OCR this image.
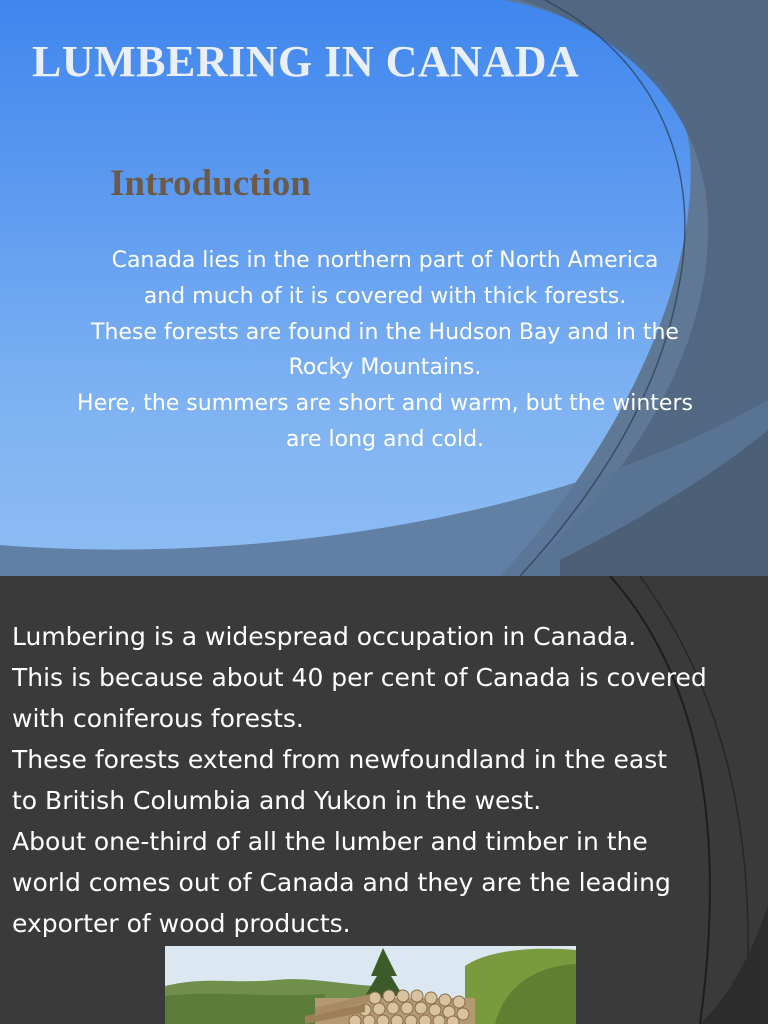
LUMBERING IN CANADA
Introduction
Canada lies in the northern part of North America
and much of it is covered with thick forests.
These forests are found in the Hudson Bay and in the
Rocky Mountains.
Here, the summers are short and warm, but the winters
are long and cold.
Lumbering is a widespread occupation in Canada.
This is because about 40 per cent of Canada is covered
with coniferous forests.
These forests extend from newfoundland in the east
to British Columbia and Yukon in the west.
About one-third of all the lumber and timber in the
world comes out of Canada and they are the leading
exporter of wood products.
